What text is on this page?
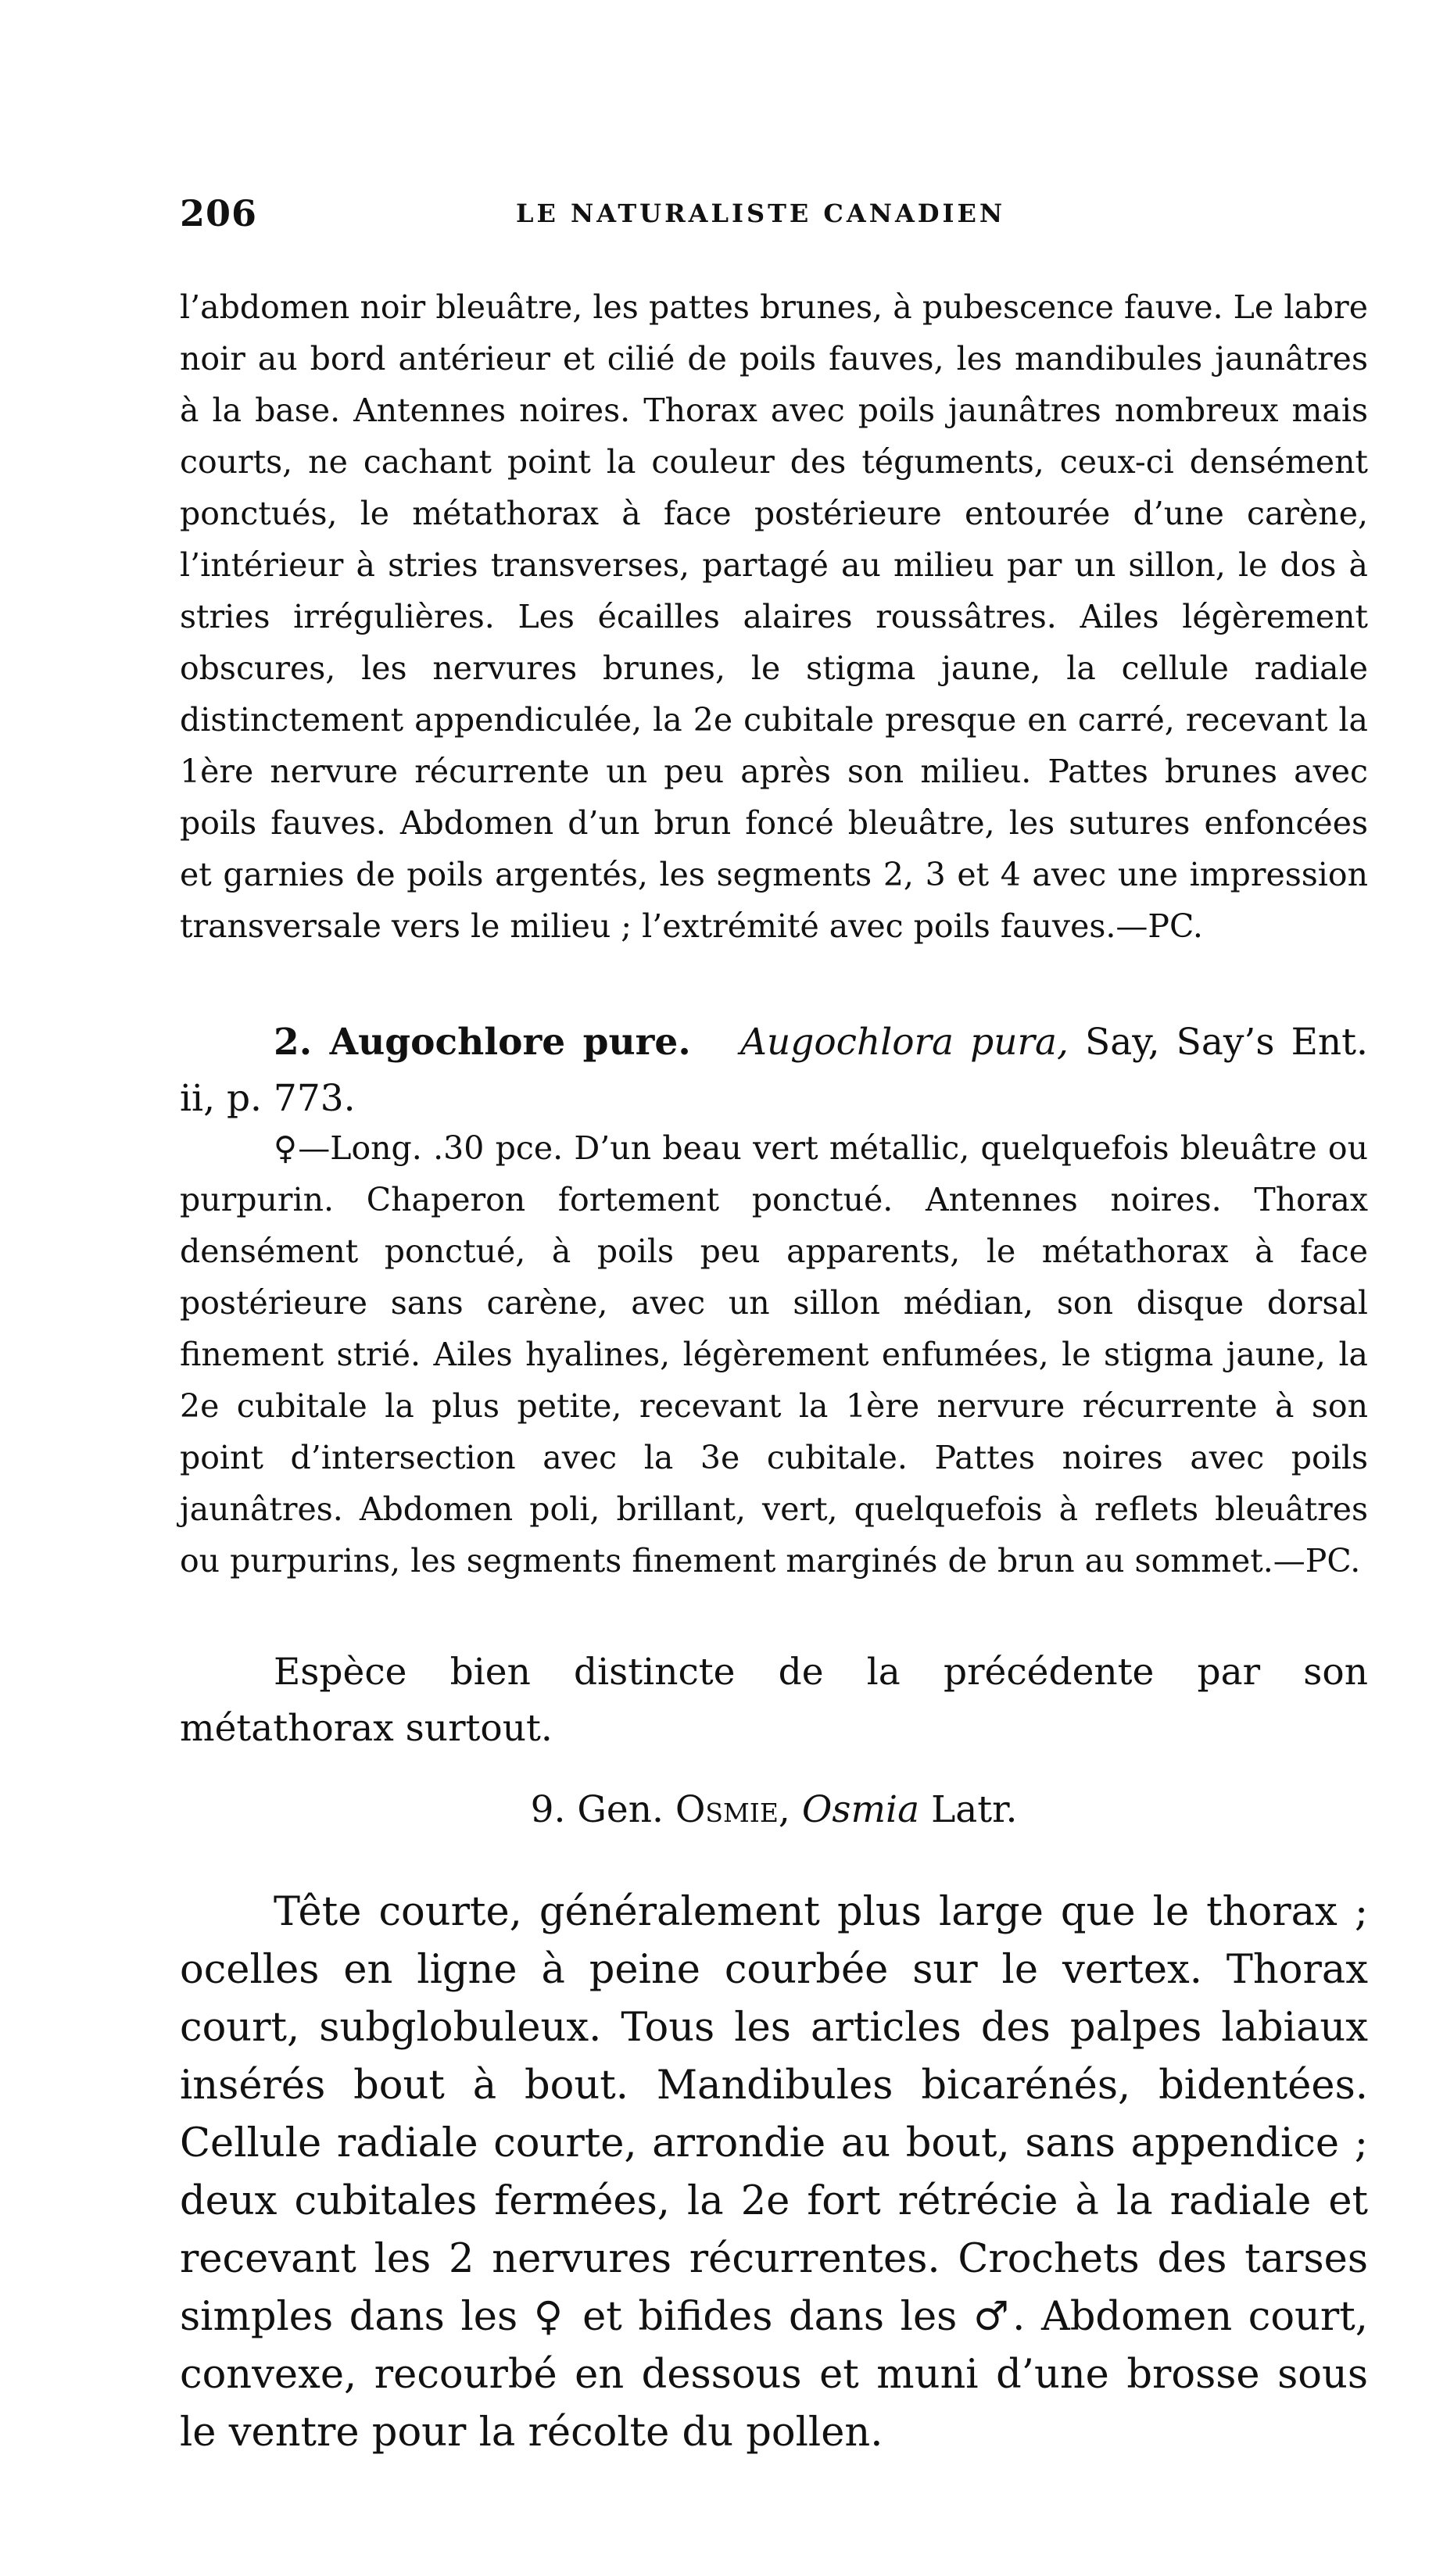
206	LE NATURALISTE CANADIEN

l’abdomen noir bleuâtre, les pattes brunes, à pubescence fauve. Le labre noir au bord antérieur et cilié de poils fauves, les mandibules jaunâtres à la base. Antennes noires. Thorax avec poils jaunâtres nombreux mais courts, ne cachant point la couleur des téguments, ceux-ci densément ponctués, le métathorax à face postérieure entourée d’une carène, l’intérieur à stries transverses, partagé au milieu par un sillon, le dos à stries irrégulières. Les écailles alaires roussâtres. Ailes légèrement obscures, les nervures brunes, le stigma jaune, la cellule radiale distinctement appendiculée, la 2e cubitale presque en carré, recevant la 1ère nervure récurrente un peu après son milieu. Pattes brunes avec poils fauves. Abdomen d’un brun foncé bleuâtre, les sutures enfoncées et garnies de poils argentés, les segments 2, 3 et 4 avec une impression transversale vers le milieu ; l’extrémité avec poils fauves.—PC.

2. Augochlore pure. Augochlora pura, Say, Say’s Ent. ii, p. 773.

♀—Long. .30 pce. D’un beau vert métallic, quelquefois bleuâtre ou purpurin. Chaperon fortement ponctué. Antennes noires. Thorax densément ponctué, à poils peu apparents, le métathorax à face postérieure sans carène, avec un sillon médian, son disque dorsal finement strié. Ailes hyalines, légèrement enfumées, le stigma jaune, la 2e cubitale la plus petite, recevant la 1ère nervure récurrente à son point d’intersection avec la 3e cubitale. Pattes noires avec poils jaunâtres. Abdomen poli, brillant, vert, quelquefois à reflets bleuâtres ou purpurins, les segments finement marginés de brun au sommet.—PC.

Espèce bien distincte de la précédente par son métathorax surtout.

9. Gen. Osmie, Osmia Latr.

Tête courte, généralement plus large que le thorax ; ocelles en ligne à peine courbée sur le vertex. Thorax court, subglobuleux. Tous les articles des palpes labiaux insérés bout à bout. Mandibules bicarénés, bidentées. Cellule radiale courte, arrondie au bout, sans appendice ; deux cubitales fermées, la 2e fort rétrécie à la radiale et recevant les 2 nervures récurrentes. Crochets des tarses simples dans les ♀ et bifides dans les ♂. Abdomen court, convexe, recourbé en dessous et muni d’une brosse sous le ventre pour la récolte du pollen.
